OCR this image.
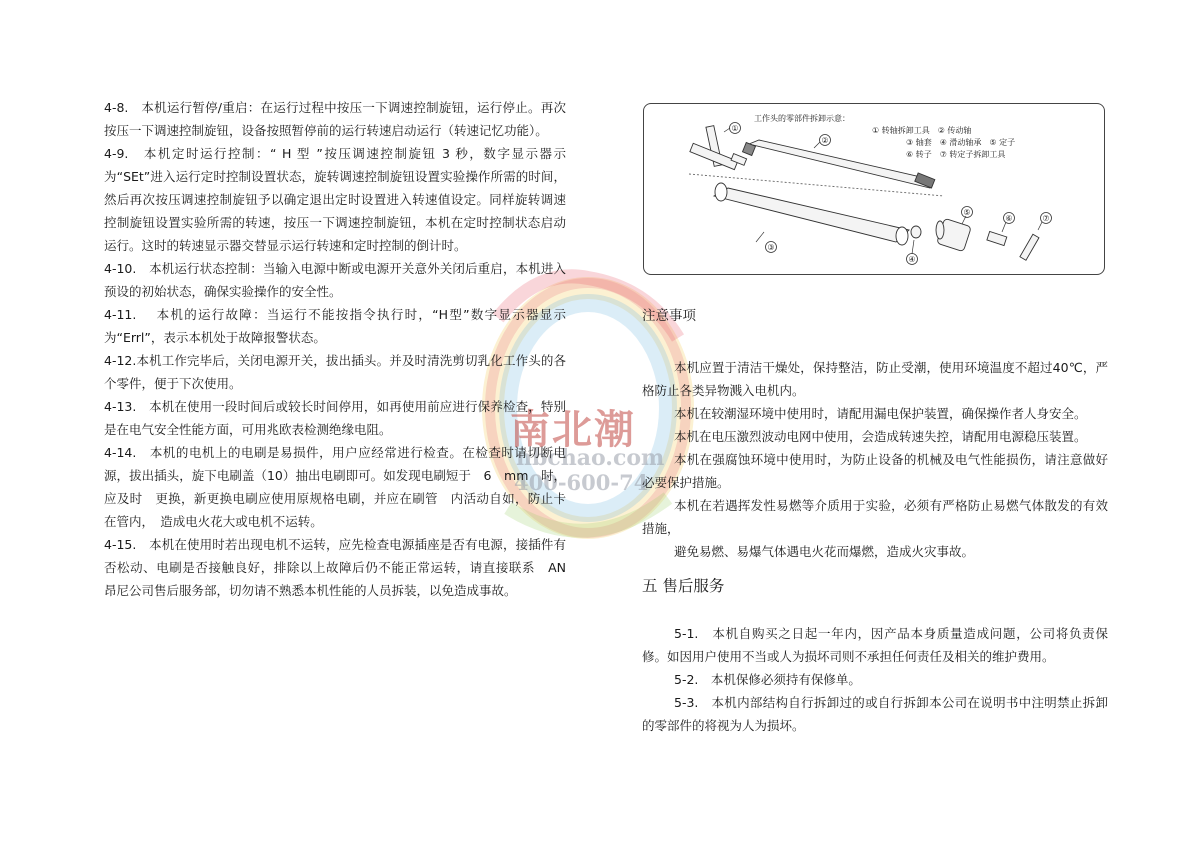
南北潮
nbchao.com
400-600-74

4-8.　本机运行暂停/重启：在运行过程中按压一下调速控制旋钮，运行停止。再次按压一下调速控制旋钮，设备按照暂停前的运行转速启动运行（转速记忆功能）。

4-9.　本机定时运行控制：“ H 型 ”按压调速控制旋钮 3 秒，数字显示器示为“SEt”进入运行定时控制设置状态，旋转调速控制旋钮设置实验操作所需的时间，然后再次按压调速控制旋钮予以确定退出定时设置进入转速值设定。同样旋转调速控制旋钮设置实验所需的转速，按压一下调速控制旋钮，本机在定时控制状态启动运行。这时的转速显示器交替显示运行转速和定时控制的倒计时。

4-10.　本机运行状态控制：当输入电源中断或电源开关意外关闭后重启，本机进入预设的初始状态，确保实验操作的安全性。

4-11.　 本机的运行故障：当运行不能按指令执行时，“H型”数字显示器显示为“Errl”，表示本机处于故障报警状态。

4-12.本机工作完毕后，关闭电源开关，拔出插头。并及时清洗剪切乳化工作头的各个零件，便于下次使用。

4-13.　本机在使用一段时间后或较长时间停用，如再使用前应进行保养检查，特别是在电气安全性能方面，可用兆欧表检测绝缘电阻。

4-14.　本机的电机上的电刷是易损件，用户应经常进行检查。在检查时请切断电源，拔出插头，旋下电刷盖（10）抽出电刷即可。如发现电刷短于　6　mm　时，应及时　更换，新更换电刷应使用原规格电刷，并应在刷管　内活动自如，防止卡在管内，　造成电火花大或电机不运转。

4-15.　本机在使用时若出现电机不运转，应先检查电源插座是否有电源，接插件有否松动、电刷是否接触良好，排除以上故障后仍不能正常运转，请直接联系　AN　昂尼公司售后服务部，切勿请不熟悉本机性能的人员拆装，以免造成事故。

工作头的零部件拆卸示意：
① 转轴拆卸工具　② 传动轴
③ 轴套　④ 滑动轴承　⑤ 定子
⑥ 转子　⑦ 转定子拆卸工具
①
②
③
④
⑤
⑥	⑦
注意事项

本机应置于清洁干燥处，保持整洁，防止受潮，使用环境温度不超过40℃，严格防止各类异物溅入电机内。

本机在较潮湿环境中使用时，请配用漏电保护装置，确保操作者人身安全。

本机在电压激烈波动电网中使用，会造成转速失控，请配用电源稳压装置。

本机在强腐蚀环境中使用时，为防止设备的机械及电气性能损伤，请注意做好必要保护措施。

本机在若遇挥发性易燃等介质用于实验，必须有严格防止易燃气体散发的有效措施，

避免易燃、易爆气体遇电火花而爆燃，造成火灾事故。

五 售后服务

5-1.　本机自购买之日起一年内，因产品本身质量造成问题，公司将负责保修。如因用户使用不当或人为损坏司则不承担任何责任及相关的维护费用。

5-2.　本机保修必须持有保修单。

5-3.　本机内部结构自行拆卸过的或自行拆卸本公司在说明书中注明禁止拆卸的零部件的将视为人为损坏。
